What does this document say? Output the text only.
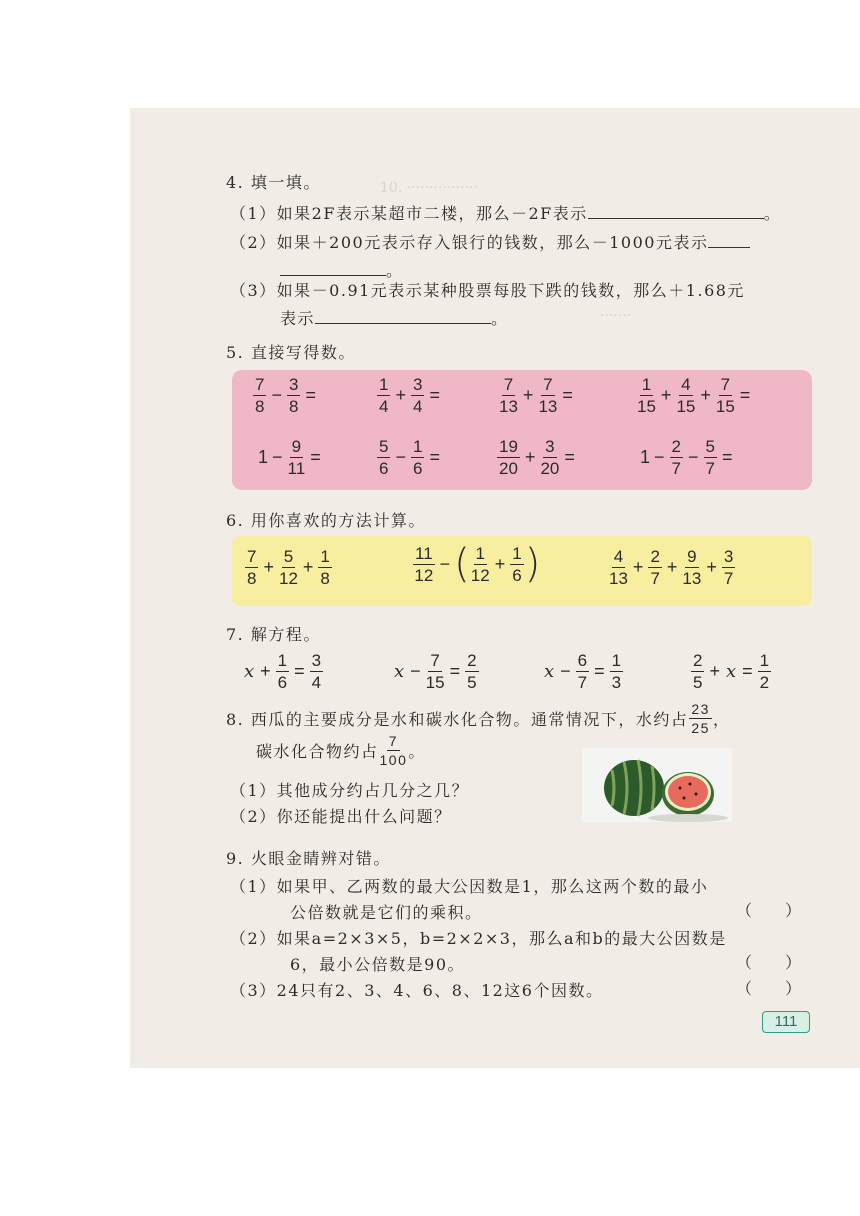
10. ················
·······
4. 填一填。
（1）如果2F表示某超市二楼，那么－2F表示	。
（2）如果＋200元表示存入银行的钱数，那么－1000元表示
。
（3）如果－0.91元表示某种股票每股下跌的钱数，那么＋1.68元
表示	。
5. 直接写得数。
$\frac{7}{8} - \frac{3}{8}$ =	$\frac{1}{4} + \frac{3}{4}$ =	$\frac{7}{13} + \frac{7}{13}$ =	$\frac{1}{15} + \frac{4}{15} + \frac{7}{15}$ =
$1 - \frac{9}{11}$ =	$\frac{5}{6} - \frac{1}{6}$ =	$\frac{19}{20} + \frac{3}{20}$ =	$1 - \frac{2}{7} - \frac{5}{7}$ =
6. 用你喜欢的方法计算。
$\frac{7}{8} + \frac{5}{12} + \frac{1}{8}$	$\frac{11}{12}$ − ( $\frac{1}{12} + \frac{1}{6}$ )	$\frac{4}{13} + \frac{2}{7} + \frac{9}{13} + \frac{3}{7}$
7. 解方程。
$x + \frac{1}{6} = \frac{3}{4}$	$x - \frac{7}{15} = \frac{2}{5}$	$x - \frac{6}{7} = \frac{1}{3}$	$\frac{2}{5} + x = \frac{1}{2}$
8. 西瓜的主要成分是水和碳水化合物。通常情况下，水约占 $\frac{23}{25}$ ，
碳水化合物约占 $\frac{7}{100}$ 。
（1）其他成分约占几分之几？
（2）你还能提出什么问题？
9. 火眼金睛辨对错。
（1）如果甲、乙两数的最大公因数是1，那么这两个数的最小
公倍数就是它们的乘积。	（ ）
（2）如果a=2×3×5，b=2×2×3，那么a和b的最大公因数是
6，最小公倍数是90。	（ ）
（3）24只有2、3、4、6、8、12这6个因数。	（ ）
111
